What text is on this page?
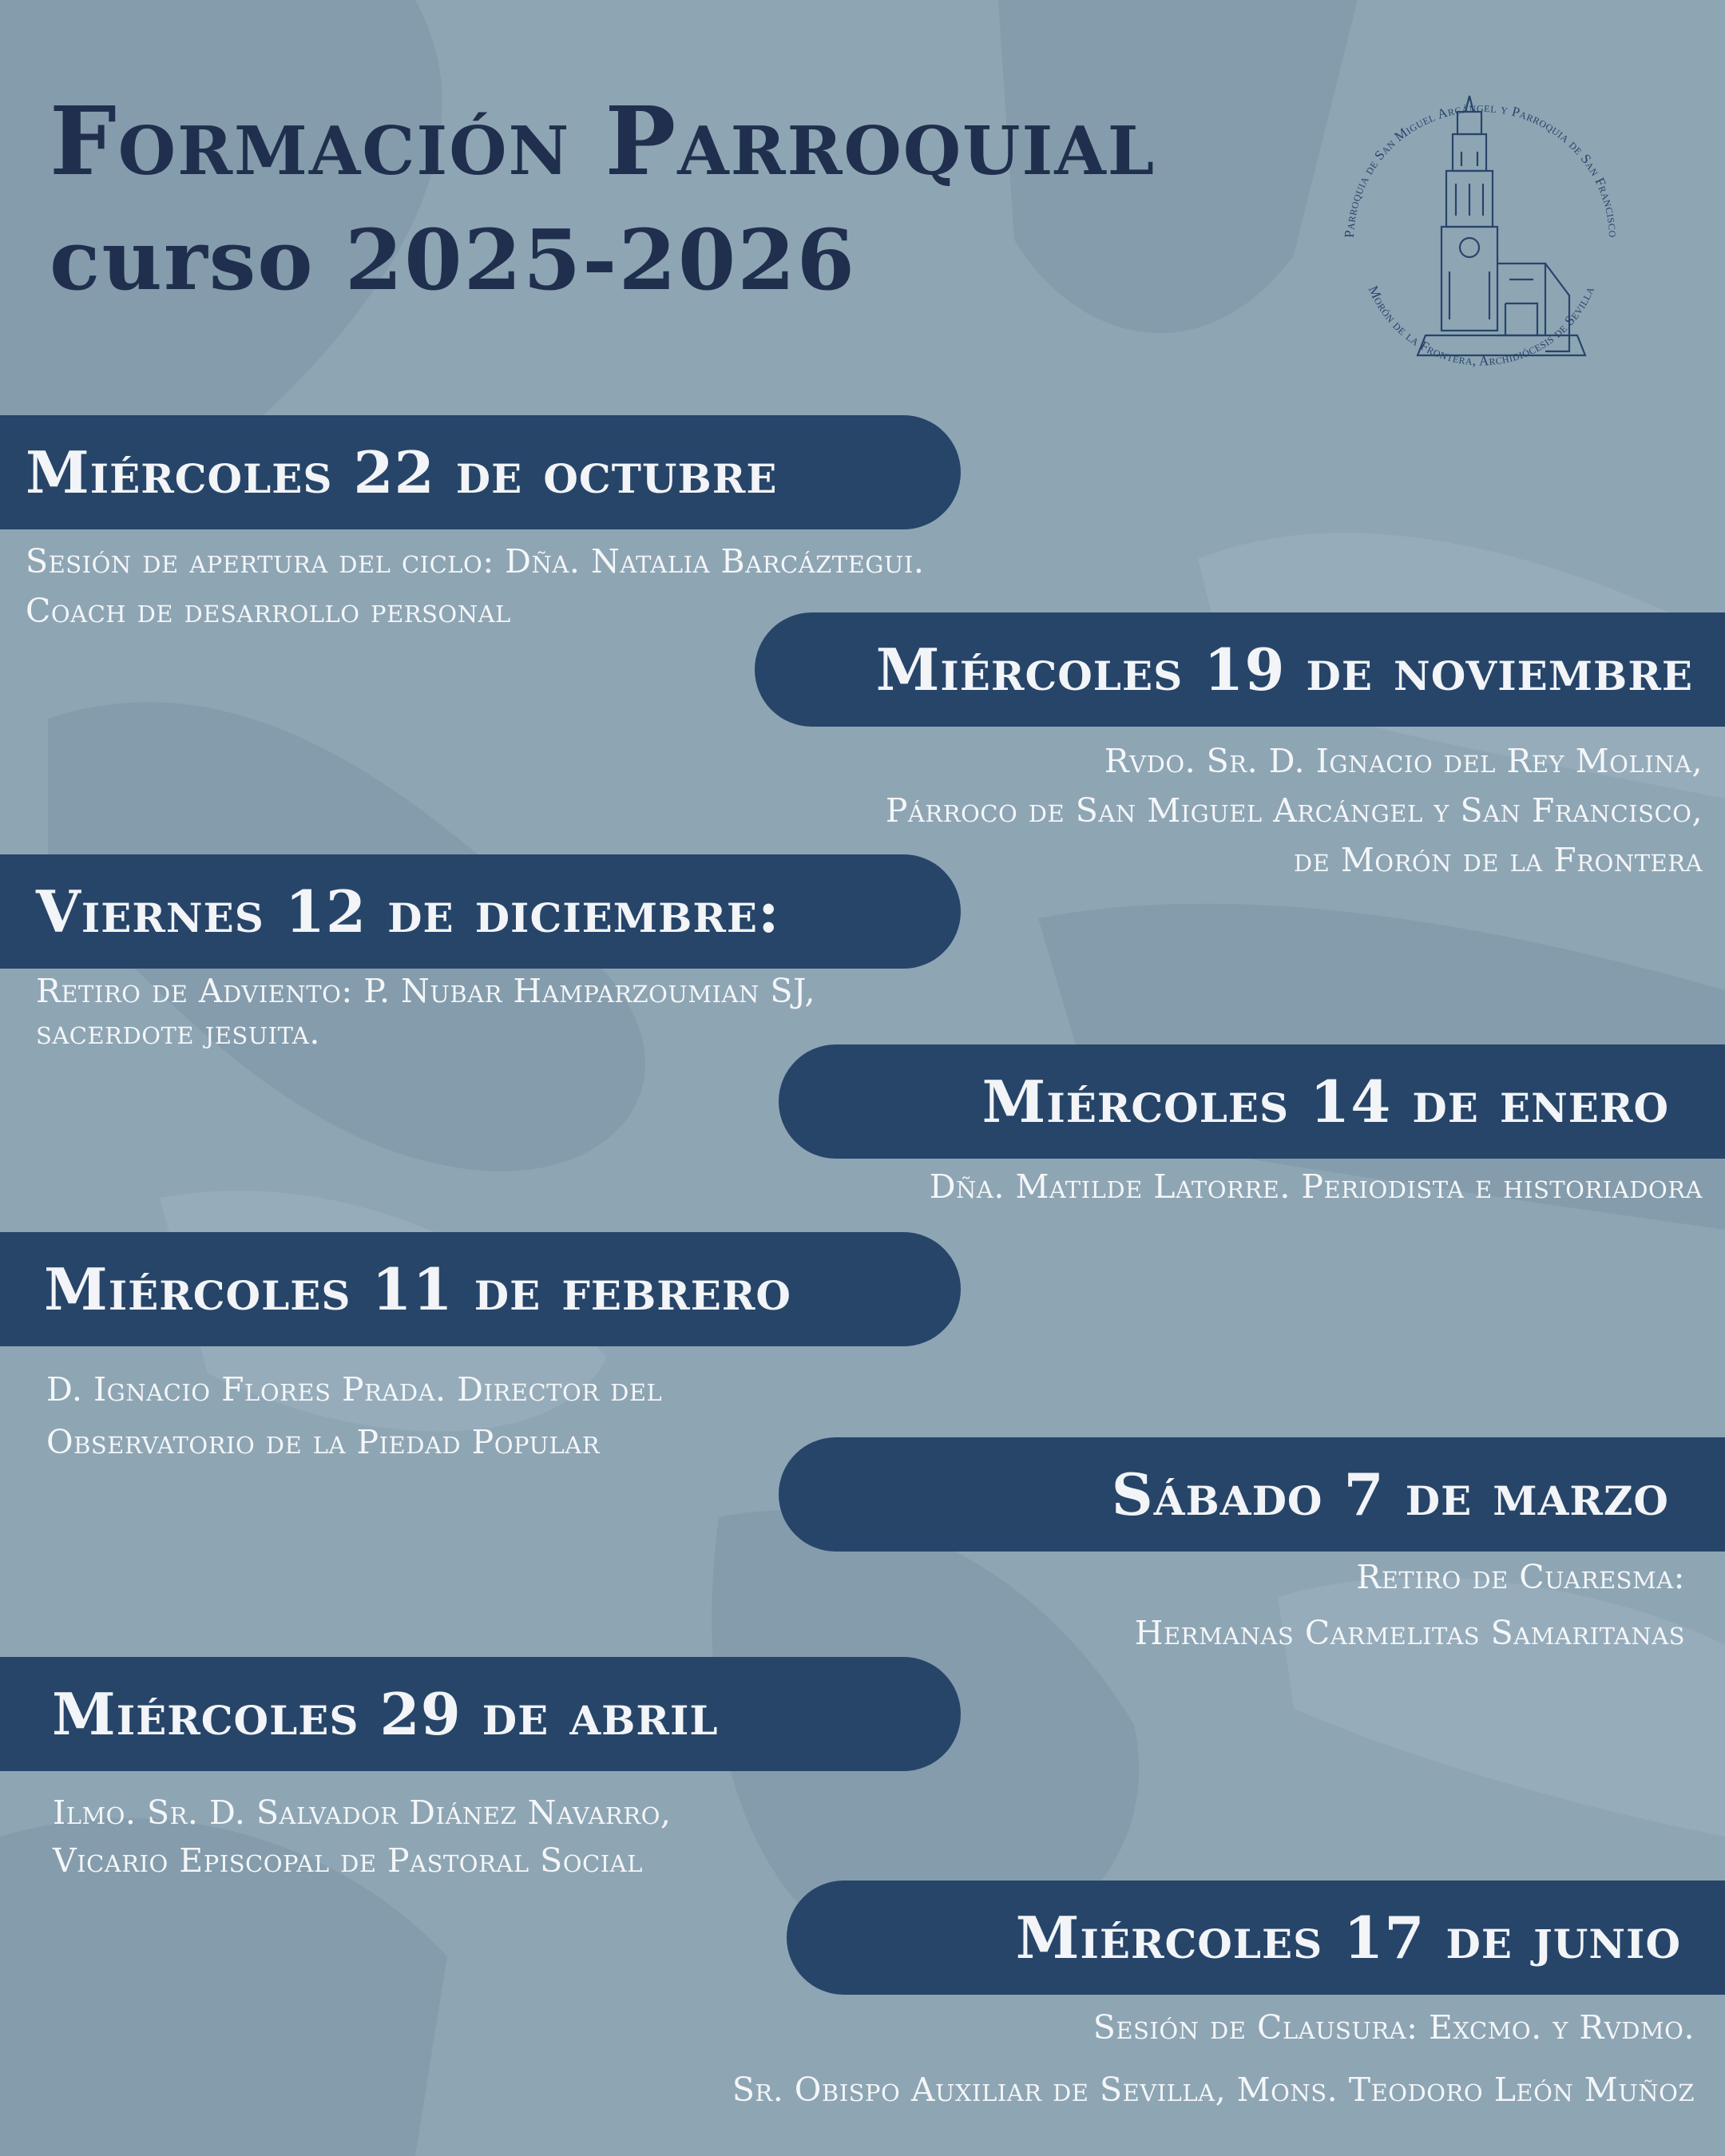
Formación Parroquial
curso 2025-2026	Parroquia de San Miguel Arcángel y Parroquia de San Francisco
Morón de la Frontera, Archidiócesis de Sevilla
Miércoles 22 de octubre
Sesión de apertura del ciclo: Dña. Natalia Barcáztegui.
Coach de desarrollo personal
Miércoles 19 de noviembre
Rvdo. Sr. D. Ignacio del Rey Molina,
Párroco de San Miguel Arcángel y San Francisco,
de Morón de la Frontera
Viernes 12 de diciembre:
Retiro de Adviento: P. Nubar Hamparzoumian SJ,
sacerdote jesuita.
Miércoles 14 de enero
Dña. Matilde Latorre. Periodista e historiadora
Miércoles 11 de febrero
D. Ignacio Flores Prada. Director del
Observatorio de la Piedad Popular
Sábado 7 de marzo
Retiro de Cuaresma:
Hermanas Carmelitas Samaritanas
Miércoles 29 de abril
Ilmo. Sr. D. Salvador Diánez Navarro,
Vicario Episcopal de Pastoral Social
Miércoles 17 de junio
Sesión de Clausura: Excmo. y Rvdmo.
Sr. Obispo Auxiliar de Sevilla, Mons. Teodoro León Muñoz
